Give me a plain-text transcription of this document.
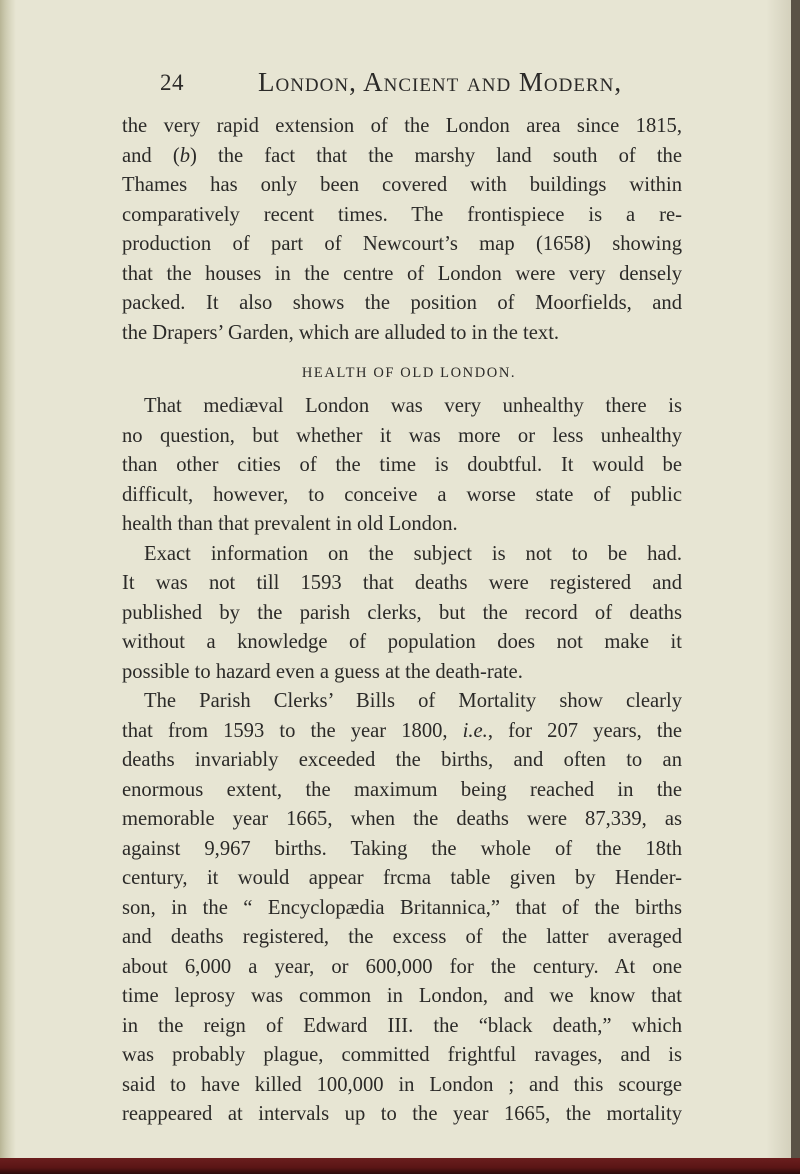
24	London, Ancient and Modern,
the very rapid extension of the London area since 1815,
and (b) the fact that the marshy land south of the
Thames has only been covered with buildings within
comparatively recent times. The frontispiece is a re-
production of part of Newcourt’s map (1658) showing
that the houses in the centre of London were very densely
packed. It also shows the position of Moorfields, and
the Drapers’ Garden, which are alluded to in the text.
HEALTH OF OLD LONDON.
That mediæval London was very unhealthy there is
no question, but whether it was more or less unhealthy
than other cities of the time is doubtful. It would be
difficult, however, to conceive a worse state of public
health than that prevalent in old London.
Exact information on the subject is not to be had.
It was not till 1593 that deaths were registered and
published by the parish clerks, but the record of deaths
without a knowledge of population does not make it
possible to hazard even a guess at the death-rate.
The Parish Clerks’ Bills of Mortality show clearly
that from 1593 to the year 1800, i.e., for 207 years, the
deaths invariably exceeded the births, and often to an
enormous extent, the maximum being reached in the
memorable year 1665, when the deaths were 87,339, as
against 9,967 births. Taking the whole of the 18th
century, it would appear frcma table given by Hender-
son, in the “ Encyclopædia Britannica,” that of the births
and deaths registered, the excess of the latter averaged
about 6,000 a year, or 600,000 for the century. At one
time leprosy was common in London, and we know that
in the reign of Edward III. the “black death,” which
was probably plague, committed frightful ravages, and is
said to have killed 100,000 in London ; and this scourge
reappeared at intervals up to the year 1665, the mortality
